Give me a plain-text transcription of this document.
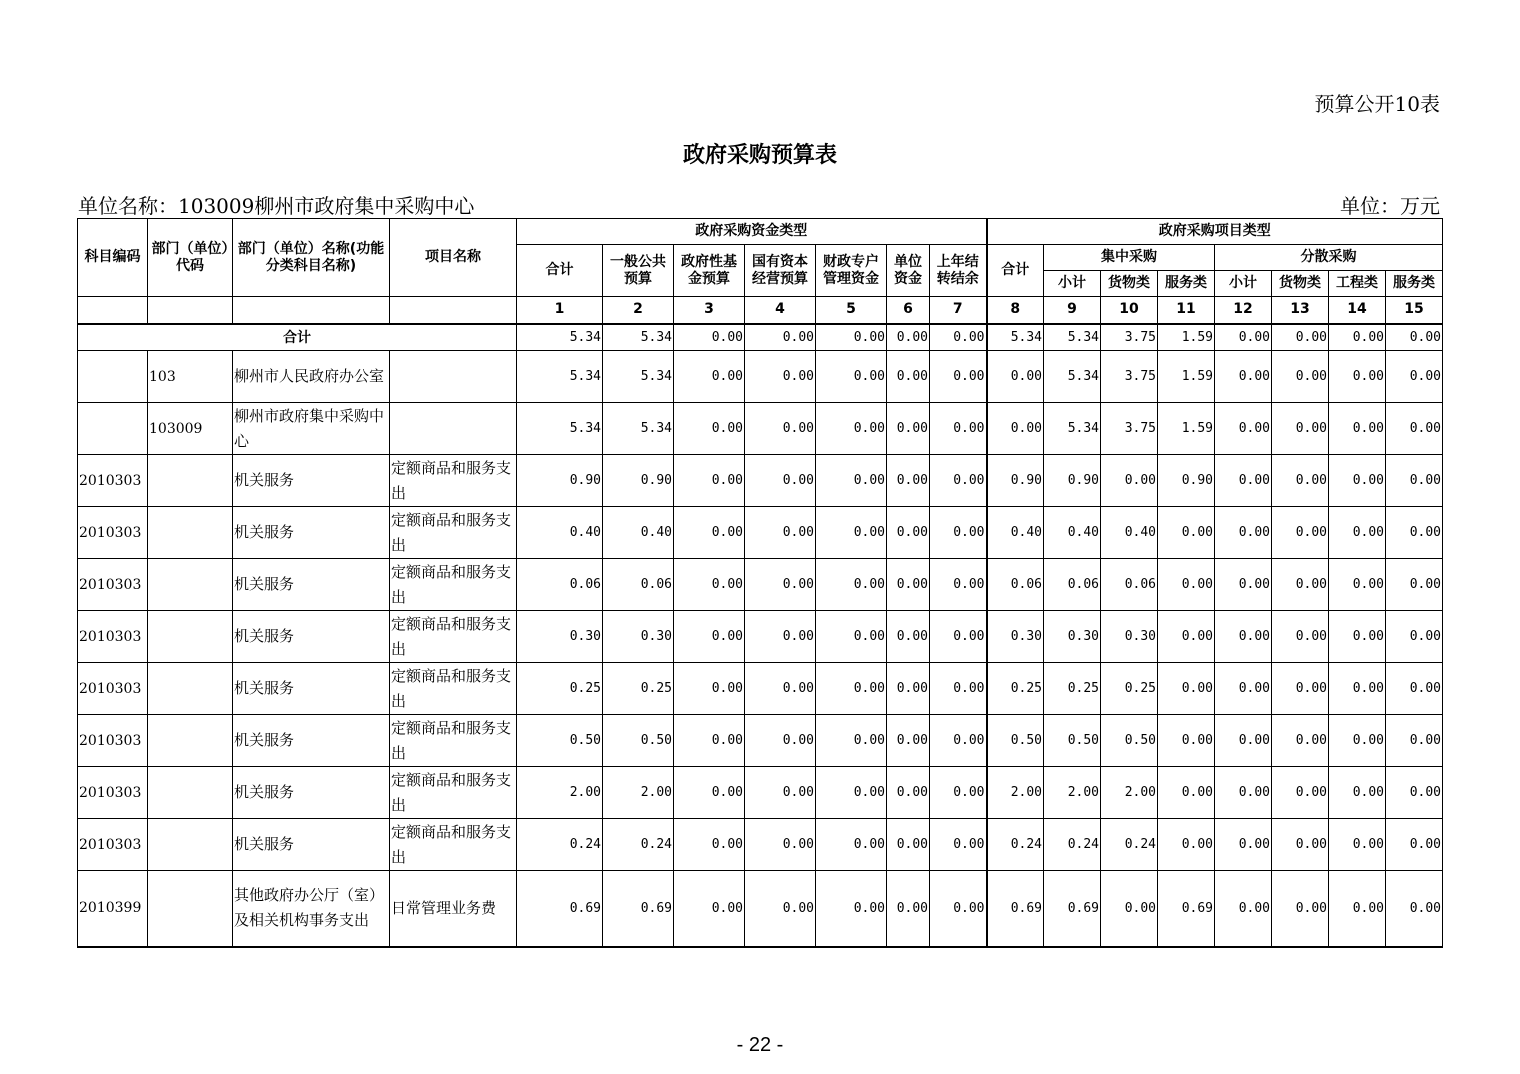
预算公开10表
政府采购预算表
单位名称：103009柳州市政府集中采购中心	单位：万元
科目编码	部门（单位）代码	部门（单位）名称(功能分类科目名称)	项目名称	政府采购资金类型							政府采购项目类型							
				合计	一般公共预算	政府性基金预算	国有资本经营预算	财政专户管理资金	单位资金	上年结转结余	合计	集中采购			分散采购			
												小计	货物类	服务类	小计	货物类	工程类	服务类
				1	2	3	4	5	6	7	8	9	10	11	12	13	14	15
合计				5.34	5.34	0.00	0.00	0.00	0.00	0.00	5.34	5.34	3.75	1.59	0.00	0.00	0.00	0.00
	103	柳州市人民政府办公室		5.34	5.34	0.00	0.00	0.00	0.00	0.00	0.00	5.34	3.75	1.59	0.00	0.00	0.00	0.00
	103009	柳州市政府集中采购中心		5.34	5.34	0.00	0.00	0.00	0.00	0.00	0.00	5.34	3.75	1.59	0.00	0.00	0.00	0.00
2010303		机关服务	定额商品和服务支出	0.90	0.90	0.00	0.00	0.00	0.00	0.00	0.90	0.90	0.00	0.90	0.00	0.00	0.00	0.00
2010303		机关服务	定额商品和服务支出	0.40	0.40	0.00	0.00	0.00	0.00	0.00	0.40	0.40	0.40	0.00	0.00	0.00	0.00	0.00
2010303		机关服务	定额商品和服务支出	0.06	0.06	0.00	0.00	0.00	0.00	0.00	0.06	0.06	0.06	0.00	0.00	0.00	0.00	0.00
2010303		机关服务	定额商品和服务支出	0.30	0.30	0.00	0.00	0.00	0.00	0.00	0.30	0.30	0.30	0.00	0.00	0.00	0.00	0.00
2010303		机关服务	定额商品和服务支出	0.25	0.25	0.00	0.00	0.00	0.00	0.00	0.25	0.25	0.25	0.00	0.00	0.00	0.00	0.00
2010303		机关服务	定额商品和服务支出	0.50	0.50	0.00	0.00	0.00	0.00	0.00	0.50	0.50	0.50	0.00	0.00	0.00	0.00	0.00
2010303		机关服务	定额商品和服务支出	2.00	2.00	0.00	0.00	0.00	0.00	0.00	2.00	2.00	2.00	0.00	0.00	0.00	0.00	0.00
2010303		机关服务	定额商品和服务支出	0.24	0.24	0.00	0.00	0.00	0.00	0.00	0.24	0.24	0.24	0.00	0.00	0.00	0.00	0.00
2010399		其他政府办公厅（室）及相关机构事务支出	日常管理业务费	0.69	0.69	0.00	0.00	0.00	0.00	0.00	0.69	0.69	0.00	0.69	0.00	0.00	0.00	0.00
- 22 -
